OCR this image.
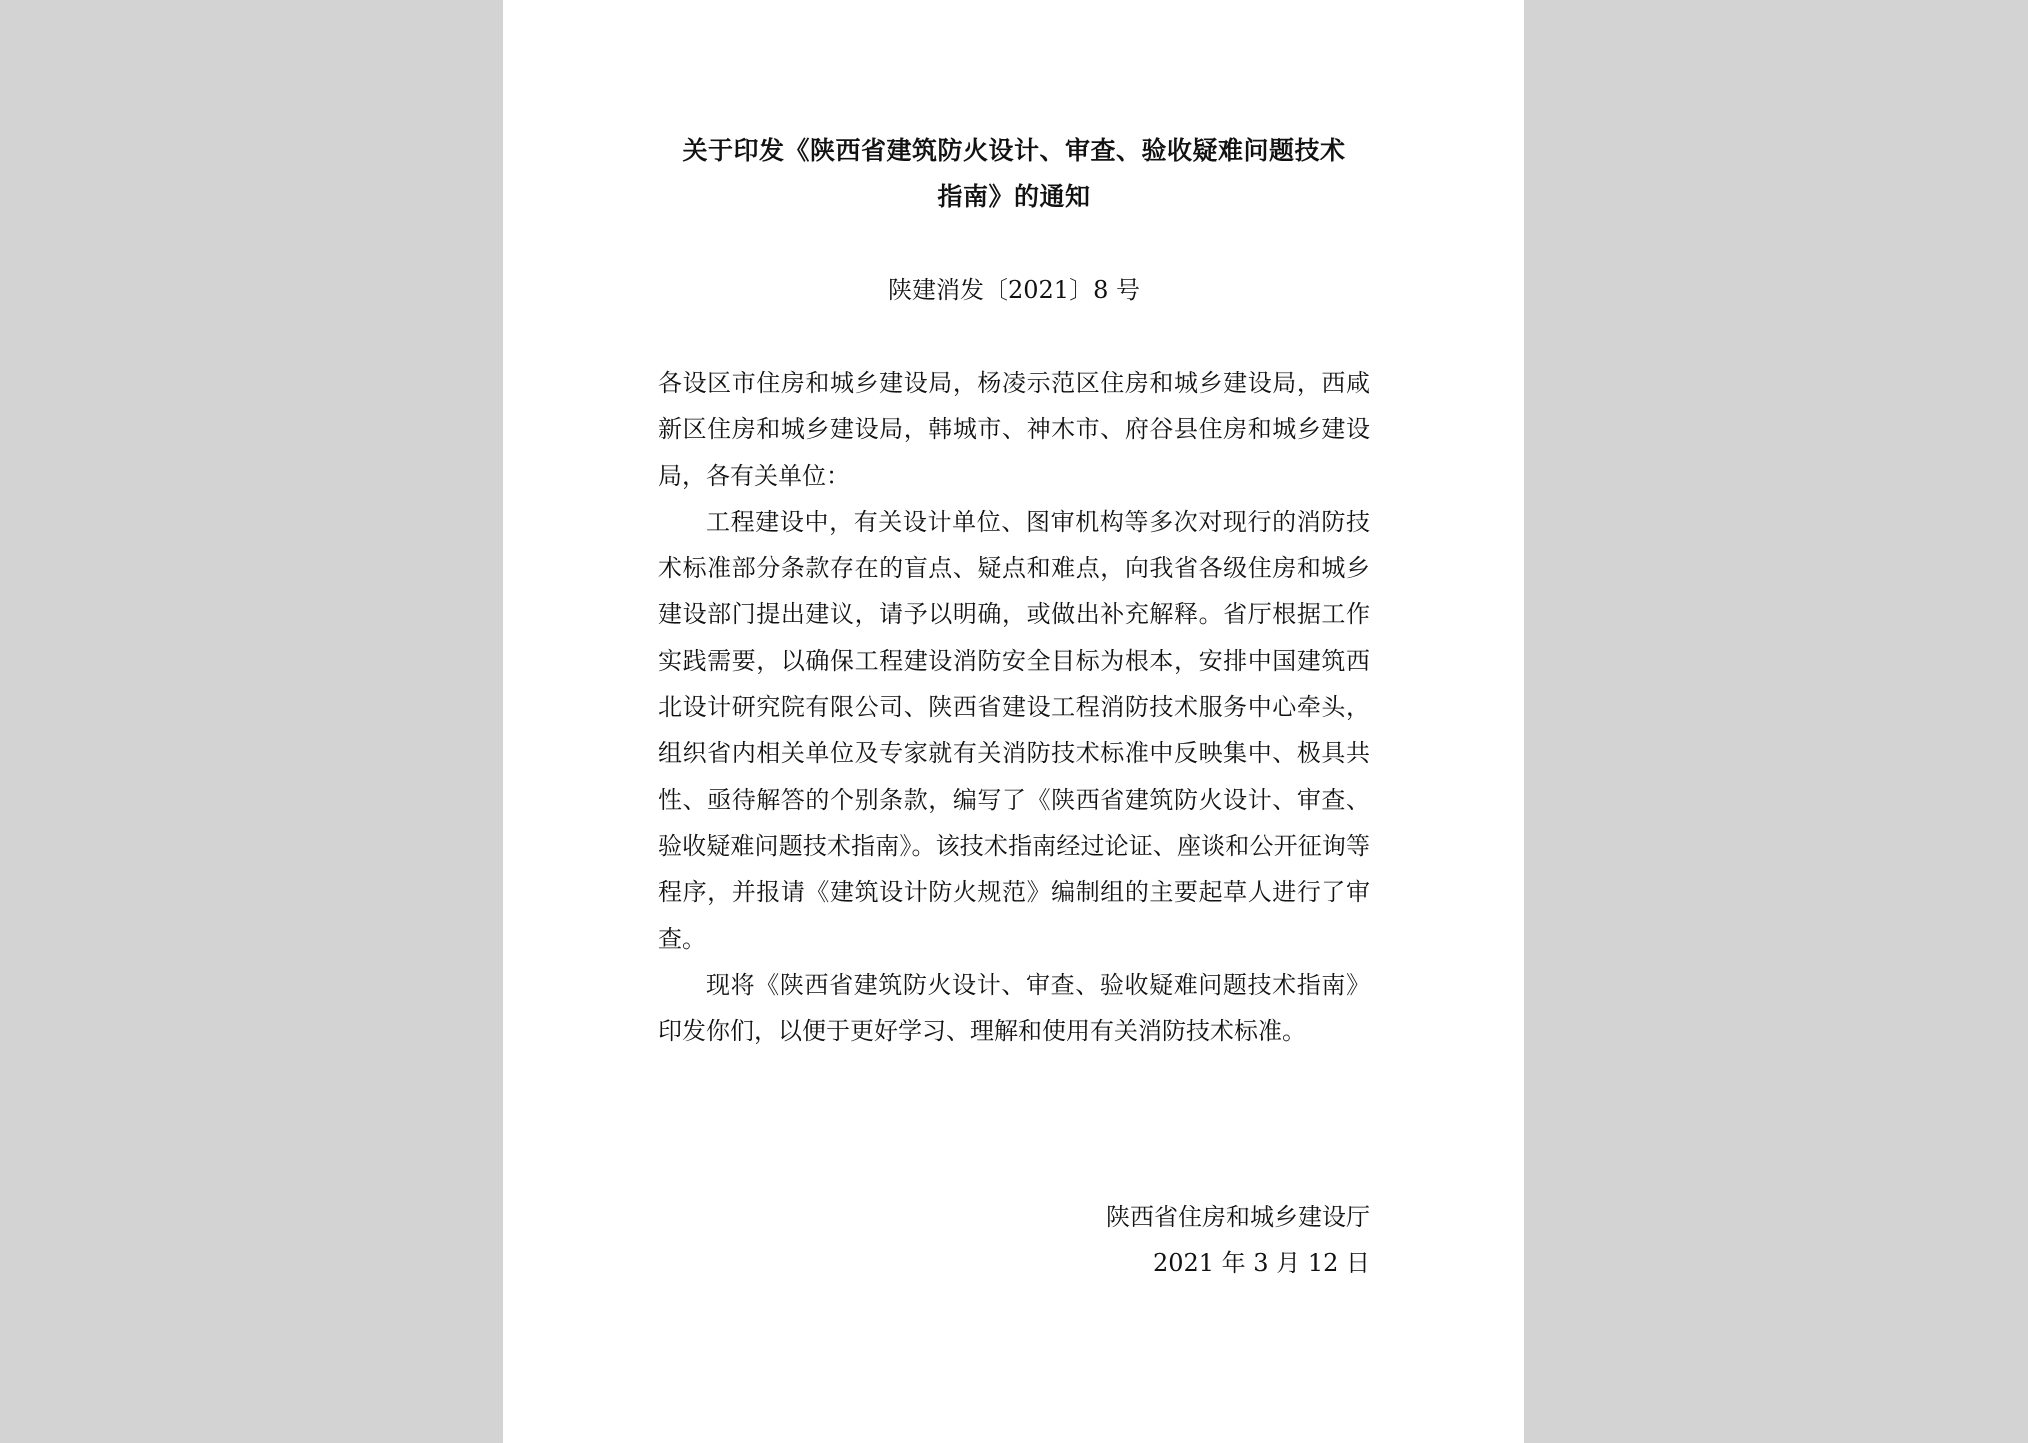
关于印发《陕西省建筑防火设计、审查、验收疑难问题技术
指南》的通知
陕建消发〔2021〕8 号

各设区市住房和城乡建设局，杨凌示范区住房和城乡建设局，西咸新区住房和城乡建设局，韩城市、神木市、府谷县住房和城乡建设局，各有关单位：

工程建设中，有关设计单位、图审机构等多次对现行的消防技术标准部分条款存在的盲点、疑点和难点，向我省各级住房和城乡建设部门提出建议，请予以明确，或做出补充解释。省厅根据工作实践需要，以确保工程建设消防安全目标为根本，安排中国建筑西北设计研究院有限公司、陕西省建设工程消防技术服务中心牵头，组织省内相关单位及专家就有关消防技术标准中反映集中、极具共性、亟待解答的个别条款，编写了《陕西省建筑防火设计、审查、验收疑难问题技术指南》。该技术指南经过论证、座谈和公开征询等程序，并报请《建筑设计防火规范》编制组的主要起草人进行了审查。

现将《陕西省建筑防火设计、审查、验收疑难问题技术指南》印发你们，以便于更好学习、理解和使用有关消防技术标准。

陕西省住房和城乡建设厅
2021 年 3 月 12 日
